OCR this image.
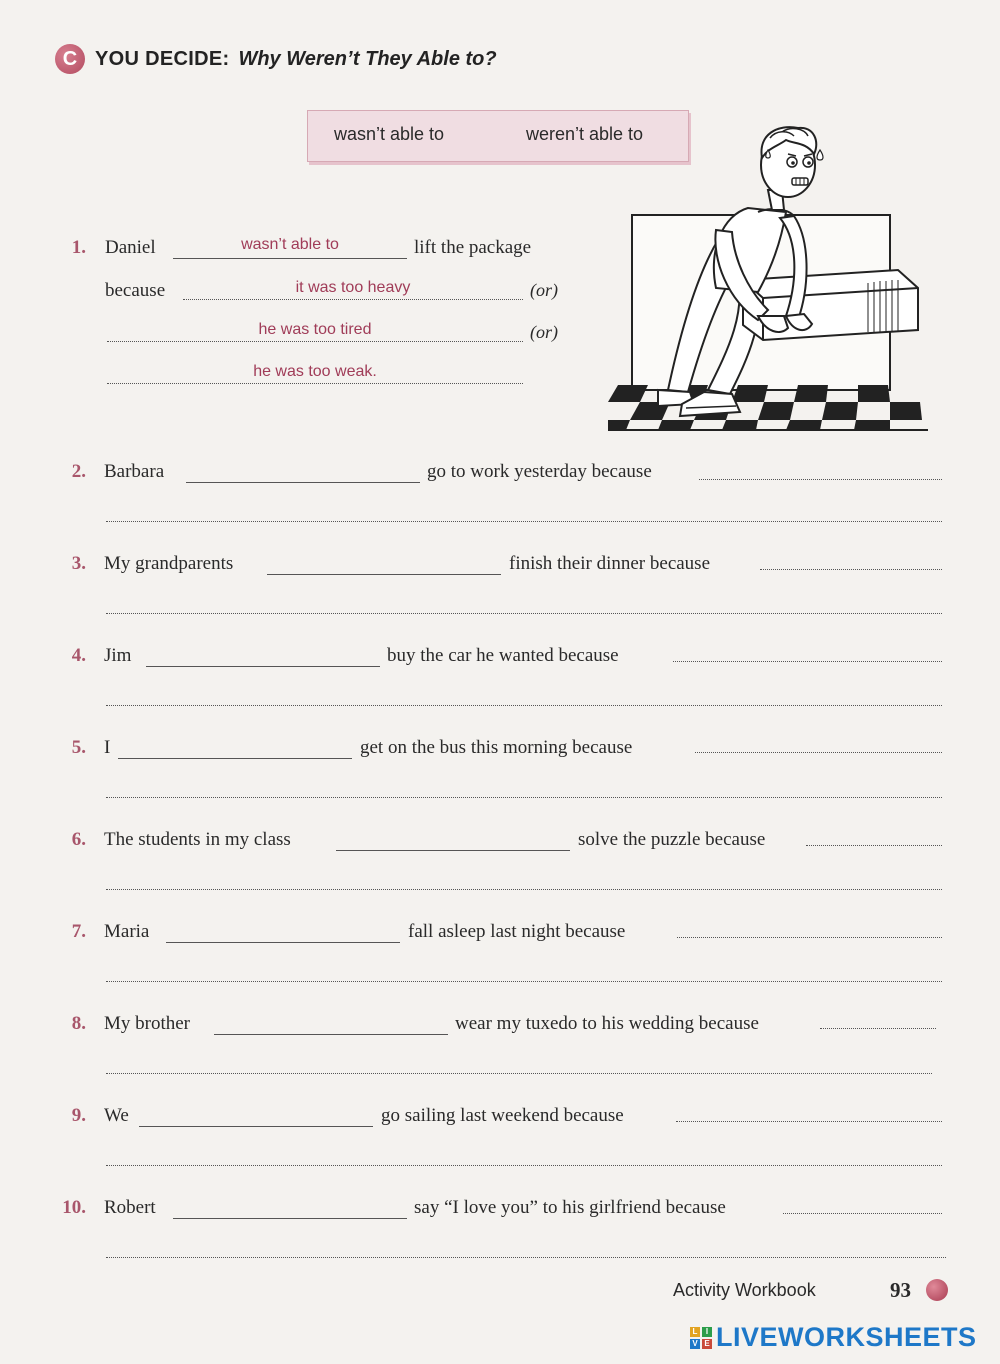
C YOU DECIDE: Why Weren’t They Able to?
wasn’t able to	weren’t able to
1. Daniel	wasn’t able to	lift the package
because	it was too heavy	(or)
he was too tired	(or)
he was too weak.
2. Barbara	go to work yesterday because
3. My grandparents	finish their dinner because
4. Jim	buy the car he wanted because
5. I	get on the bus this morning because
6. The students in my class	solve the puzzle because
7. Maria	fall asleep last night because
8. My brother	wear my tuxedo to his wedding because
9. We	go sailing last weekend because
10. Robert	say “I love you” to his girlfriend because
Activity Workbook	93
L	I
V E LIVEWORKSHEETS
